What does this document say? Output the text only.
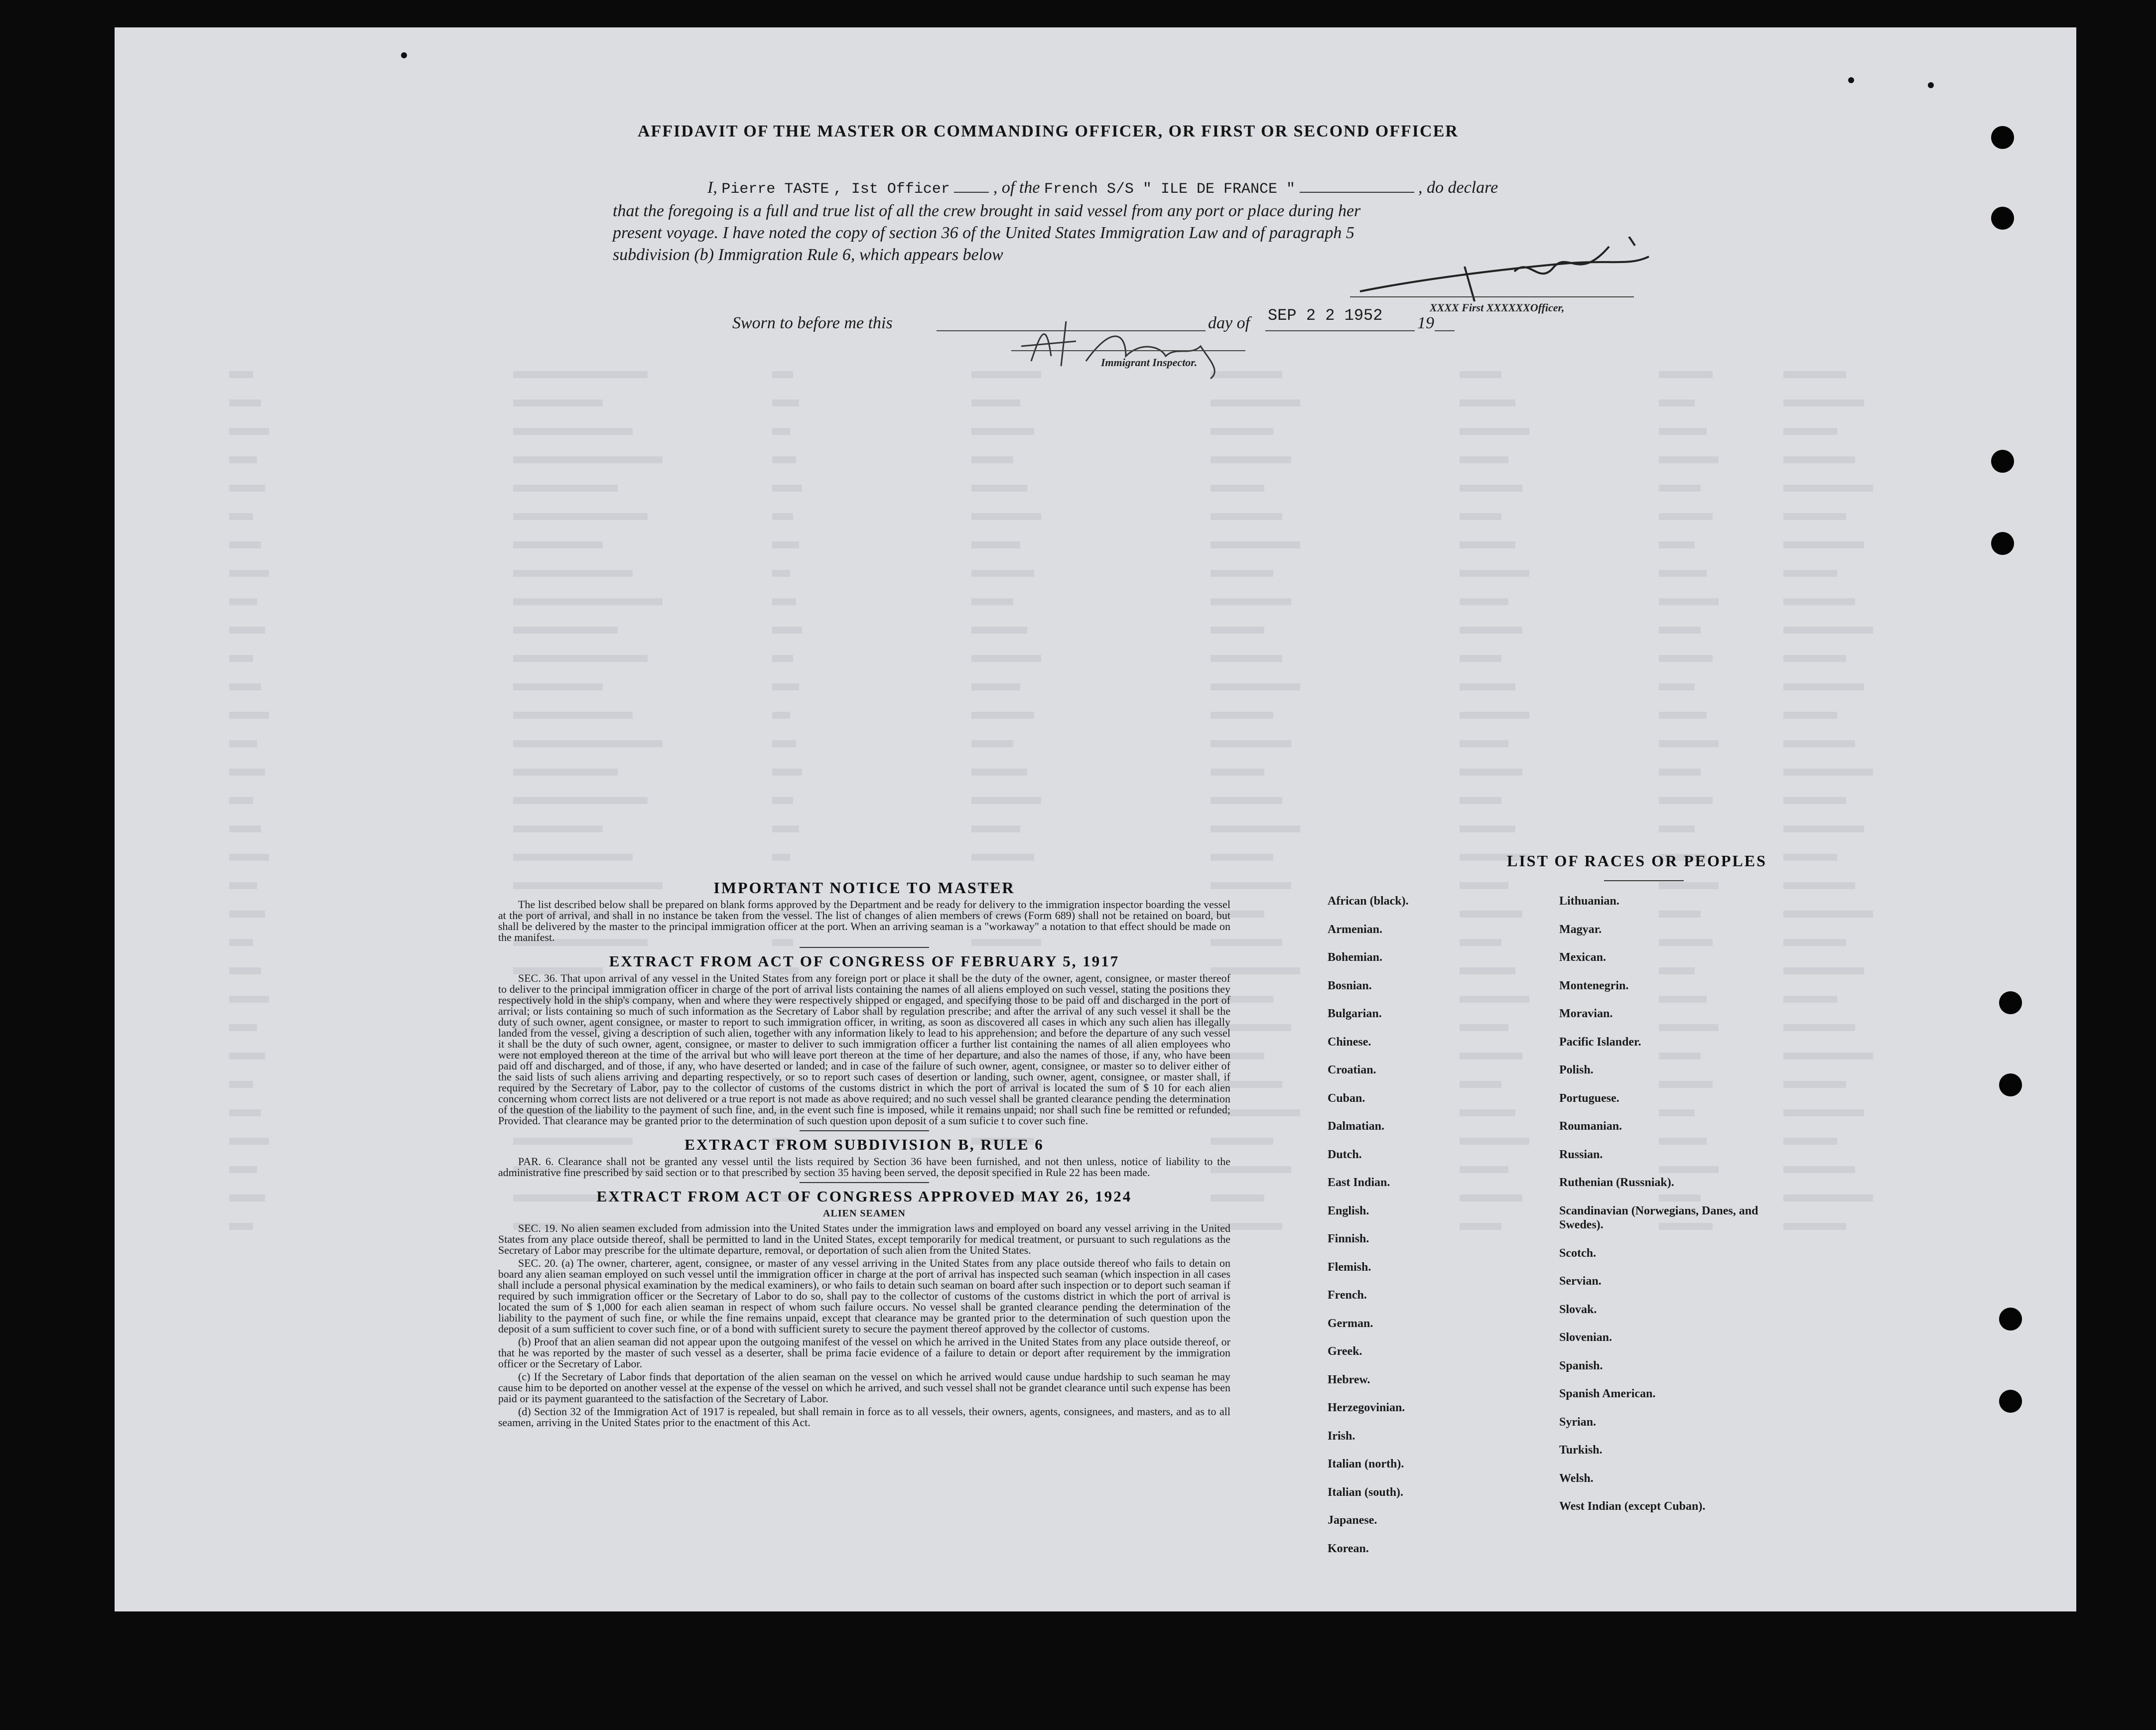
AFFIDAVIT OF THE MASTER OR COMMANDING OFFICER, OR FIRST OR SECOND OFFICER
I, Pierre TASTE , Ist Officer	, of the French S/S " ILE DE FRANCE "	, do declare
that the foregoing is a full and true list of all the crew brought in said vessel from any port or place during her
present voyage. I have noted the copy of section 36 of the United States Immigration Law and of paragraph 5
subdivision (b) Immigration Rule 6, which appears below
XXXX First XXXXXXOfficer,
Sworn to before me this	day of SEP 2 2 1952 19
Immigrant Inspector.
IMPORTANT NOTICE TO MASTER

The list described below shall be prepared on blank forms approved by the Department and be ready for delivery to the immigration inspector boarding the vessel at the port of arrival, and shall in no instance be taken from the vessel. The list of changes of alien members of crews (Form 689) shall not be retained on board, but shall be delivered by the master to the principal immigration officer at the port. When an arriving seaman is a "workaway" a notation to that effect should be made on the manifest.

EXTRACT FROM ACT OF CONGRESS OF FEBRUARY 5, 1917

SEC. 36. That upon arrival of any vessel in the United States from any foreign port or place it shall be the duty of the owner, agent, consignee, or master thereof to deliver to the principal immigration officer in charge of the port of arrival lists containing the names of all aliens employed on such vessel, stating the positions they respectively hold in the ship's company, when and where they were respectively shipped or engaged, and specifying those to be paid off and discharged in the port of arrival; or lists containing so much of such information as the Secretary of Labor shall by regulation prescribe; and after the arrival of any such vessel it shall be the duty of such owner, agent consignee, or master to report to such immigration officer, in writing, as soon as discovered all cases in which any such alien has illegally landed from the vessel, giving a description of such alien, together with any information likely to lead to his apprehension; and before the departure of any such vessel it shall be the duty of such owner, agent, consignee, or master to deliver to such immigration officer a further list containing the names of all alien employees who were not employed thereon at the time of the arrival but who will leave port thereon at the time of her departure, and also the names of those, if any, who have been paid off and discharged, and of those, if any, who have deserted or landed; and in case of the failure of such owner, agent, consignee, or master so to deliver either of the said lists of such aliens arriving and departing respectively, or so to report such cases of desertion or landing, such owner, agent, consignee, or master shall, if required by the Secretary of Labor, pay to the collector of customs of the customs district in which the port of arrival is located the sum of $ 10 for each alien concerning whom correct lists are not delivered or a true report is not made as above required; and no such vessel shall be granted clearance pending the determination of the question of the liability to the payment of such fine, and, in the event such fine is imposed, while it remains unpaid; nor shall such fine be remitted or refunded; Provided. That clearance may be granted prior to the determination of such question upon deposit of a sum suficie t to cover such fine.

EXTRACT FROM SUBDIVISION B, RULE 6

PAR. 6. Clearance shall not be granted any vessel until the lists required by Section 36 have been furnished, and not then unless, notice of liability to the administrative fine prescribed by said section or to that prescribed by section 35 having been served, the deposit specified in Rule 22 has been made.

EXTRACT FROM ACT OF CONGRESS APPROVED MAY 26, 1924
ALIEN SEAMEN

SEC. 19. No alien seamen excluded from admission into the United States under the immigration laws and employed on board any vessel arriving in the United States from any place outside thereof, shall be permitted to land in the United States, except temporarily for medical treatment, or pursuant to such regulations as the Secretary of Labor may prescribe for the ultimate departure, removal, or deportation of such alien from the United States.

SEC. 20. (a) The owner, charterer, agent, consignee, or master of any vessel arriving in the United States from any place outside thereof who fails to detain on board any alien seaman employed on such vessel until the immigration officer in charge at the port of arrival has inspected such seaman (which inspection in all cases shall include a personal physical examination by the medical examiners), or who fails to detain such seaman on board after such inspection or to deport such seaman if required by such immigration officer or the Secretary of Labor to do so, shall pay to the collector of customs of the customs district in which the port of arrival is located the sum of $ 1,000 for each alien seaman in respect of whom such failure occurs. No vessel shall be granted clearance pending the determination of the liability to the payment of such fine, or while the fine remains unpaid, except that clearance may be granted prior to the determination of such question upon the deposit of a sum sufficient to cover such fine, or of a bond with sufficient surety to secure the payment thereof approved by the collector of customs.

(b) Proof that an alien seaman did not appear upon the outgoing manifest of the vessel on which he arrived in the United States from any place outside thereof, or that he was reported by the master of such vessel as a deserter, shall be prima facie evidence of a failure to detain or deport after requirement by the immigration officer or the Secretary of Labor.

(c) If the Secretary of Labor finds that deportation of the alien seaman on the vessel on which he arrived would cause undue hardship to such seaman he may cause him to be deported on another vessel at the expense of the vessel on which he arrived, and such vessel shall not be grandet clearance until such expense has been paid or its payment guaranteed to the satisfaction of the Secretary of Labor.

(d) Section 32 of the Immigration Act of 1917 is repealed, but shall remain in force as to all vessels, their owners, agents, consignees, and masters, and as to all seamen, arriving in the United States prior to the enactment of this Act.

LIST OF RACES OR PEOPLES
African (black).
Armenian.
Bohemian.
Bosnian.
Bulgarian.
Chinese.
Croatian.
Cuban.
Dalmatian.
Dutch.
East Indian.
English.
Finnish.
Flemish.
French.
German.
Greek.
Hebrew.
Herzegovinian.
Irish.
Italian (north).
Italian (south).
Japanese.
Korean.
Lithuanian.
Magyar.
Mexican.
Montenegrin.
Moravian.
Pacific Islander.
Polish.
Portuguese.
Roumanian.
Russian.
Ruthenian (Russniak).
Scandinavian (Norwegians, Danes, and Swedes).
Scotch.
Servian.
Slovak.
Slovenian.
Spanish.
Spanish American.
Syrian.
Turkish.
Welsh.
West Indian (except Cuban).
